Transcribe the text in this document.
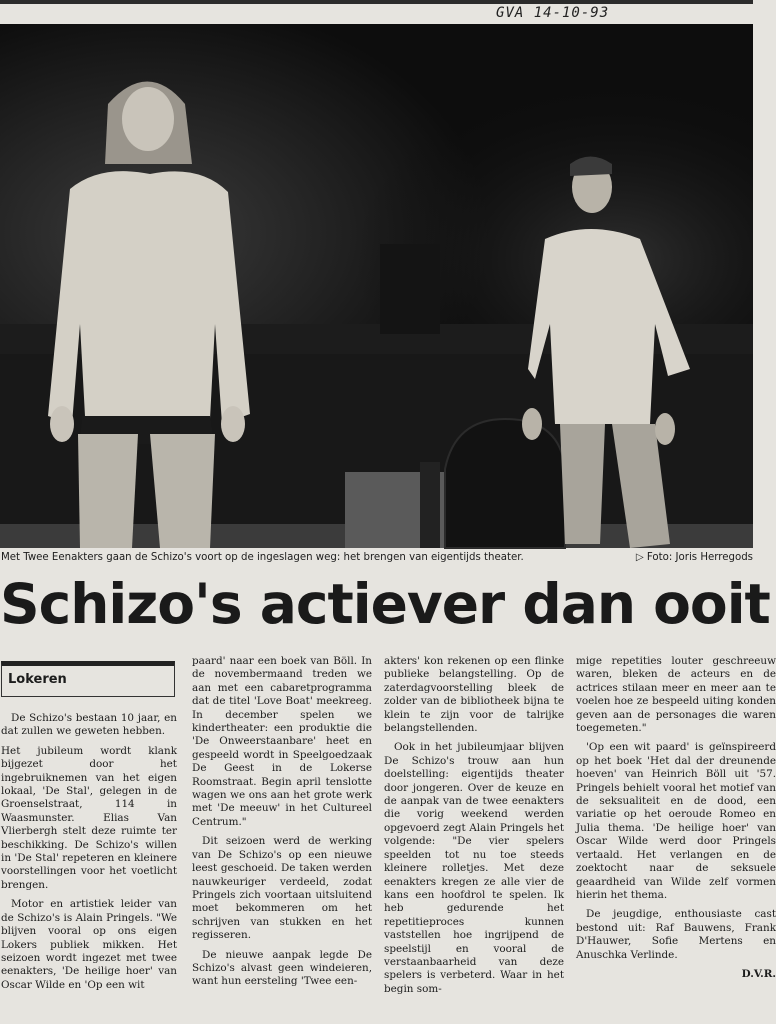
GVA 14-10-93
Met Twee Eenakters gaan de Schizo's voort op de ingeslagen weg: het brengen van eigentijds theater.	▷ Foto: Joris Herregods
Schizo's actiever dan ooit
Lokeren

De Schizo's bestaan 10 jaar, en dat zullen we geweten hebben.

Het jubileum wordt klank bijgezet door het ingebruiknemen van het eigen lokaal, 'De Stal', gelegen in de Groenselstraat, 114 in Waasmunster. Elias Van Vlierbergh stelt deze ruimte ter beschikking. De Schizo's willen in 'De Stal' repeteren en kleinere voorstellingen voor het voetlicht brengen.

Motor en artistiek leider van de Schizo's is Alain Pringels. "We blijven vooral op ons eigen Lokers publiek mikken. Het seizoen wordt ingezet met twee eenakters, 'De heilige hoer' van Oscar Wilde en 'Op een wit

paard' naar een boek van Böll. In de novembermaand treden we aan met een cabaretprogramma dat de titel 'Love Boat' meekreeg. In december spelen we kindertheater: een produktie die 'De Onweerstaanbare' heet en gespeeld wordt in Speelgoedzaak De Geest in de Lokerse Roomstraat. Begin april tenslotte wagen we ons aan het grote werk met 'De meeuw' in het Cultureel Centrum."

Dit seizoen werd de werking van De Schizo's op een nieuwe leest geschoeid. De taken werden nauwkeuriger verdeeld, zodat Pringels zich voortaan uitsluitend moet bekommeren om het schrijven van stukken en het regisseren.

De nieuwe aanpak legde De Schizo's alvast geen windeieren, want hun eersteling 'Twee een-

akters' kon rekenen op een flinke publieke belangstelling. Op de zaterdagvoorstelling bleek de zolder van de bibliotheek bijna te klein te zijn voor de talrijke belangstellenden.

Ook in het jubileumjaar blijven De Schizo's trouw aan hun doelstelling: eigentijds theater door jongeren. Over de keuze en de aanpak van de twee eenakters die vorig weekend werden opgevoerd zegt Alain Pringels het volgende: "De vier spelers speelden tot nu toe steeds kleinere rolletjes. Met deze eenakters kregen ze alle vier de kans een hoofdrol te spelen. Ik heb gedurende het repetitieproces kunnen vaststellen hoe ingrijpend de speelstijl en vooral de verstaanbaarheid van deze spelers is verbeterd. Waar in het begin som-

mige repetities louter geschreeuw waren, bleken de acteurs en de actrices stilaan meer en meer aan te voelen hoe ze bespeeld uiting konden geven aan de personages die waren toegemeten."

'Op een wit paard' is geïnspireerd op het boek 'Het dal der dreunende hoeven' van Heinrich Böll uit '57. Pringels behielt vooral het motief van de seksualiteit en de dood, een variatie op het oeroude Romeo en Julia thema. 'De heilige hoer' van Oscar Wilde werd door Pringels vertaald. Het verlangen en de zoektocht naar de seksuele geaardheid van Wilde zelf vormen hierin het thema.

De jeugdige, enthousiaste cast bestond uit: Raf Bauwens, Frank D'Hauwer, Sofie Mertens en Anuschka Verlinde.

D.V.R.
